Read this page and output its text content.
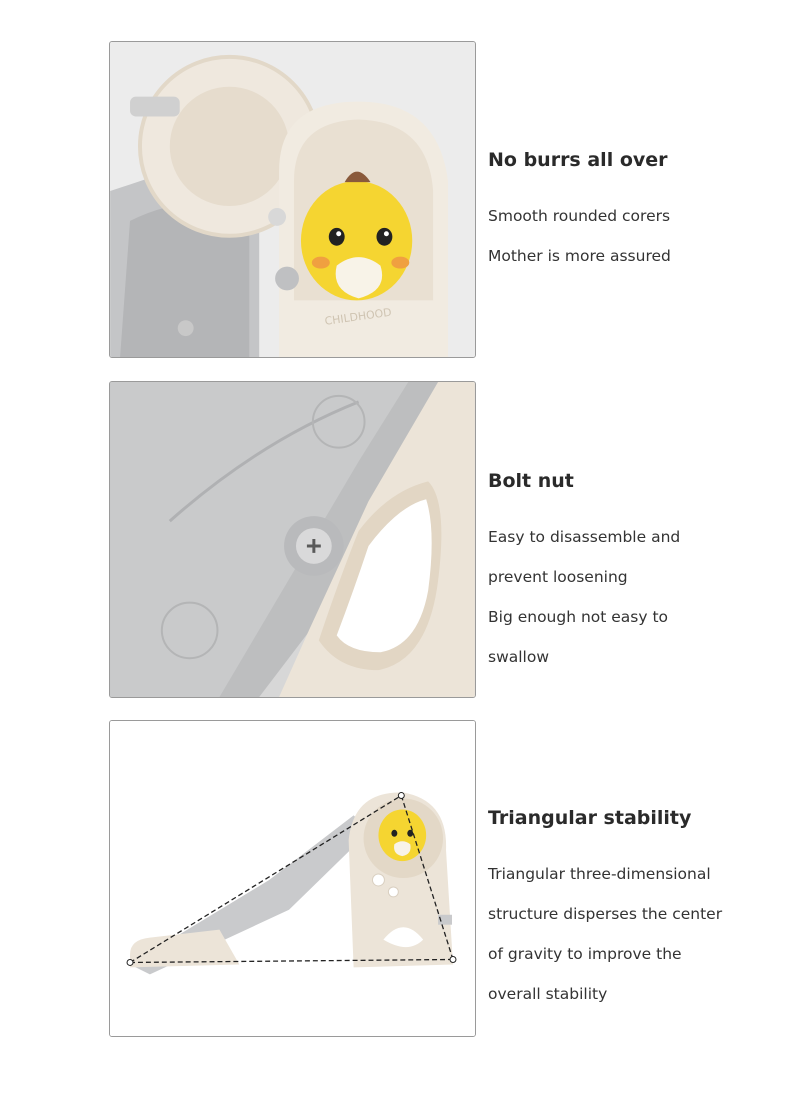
CHILDHOOD
No burrs all over

Smooth rounded corers

Mother is more assured

Bolt nut

Easy to disassemble and

prevent loosening

Big enough not easy to

swallow

Triangular stability

Triangular three-dimensional

structure disperses the center

of gravity to improve the

overall stability
